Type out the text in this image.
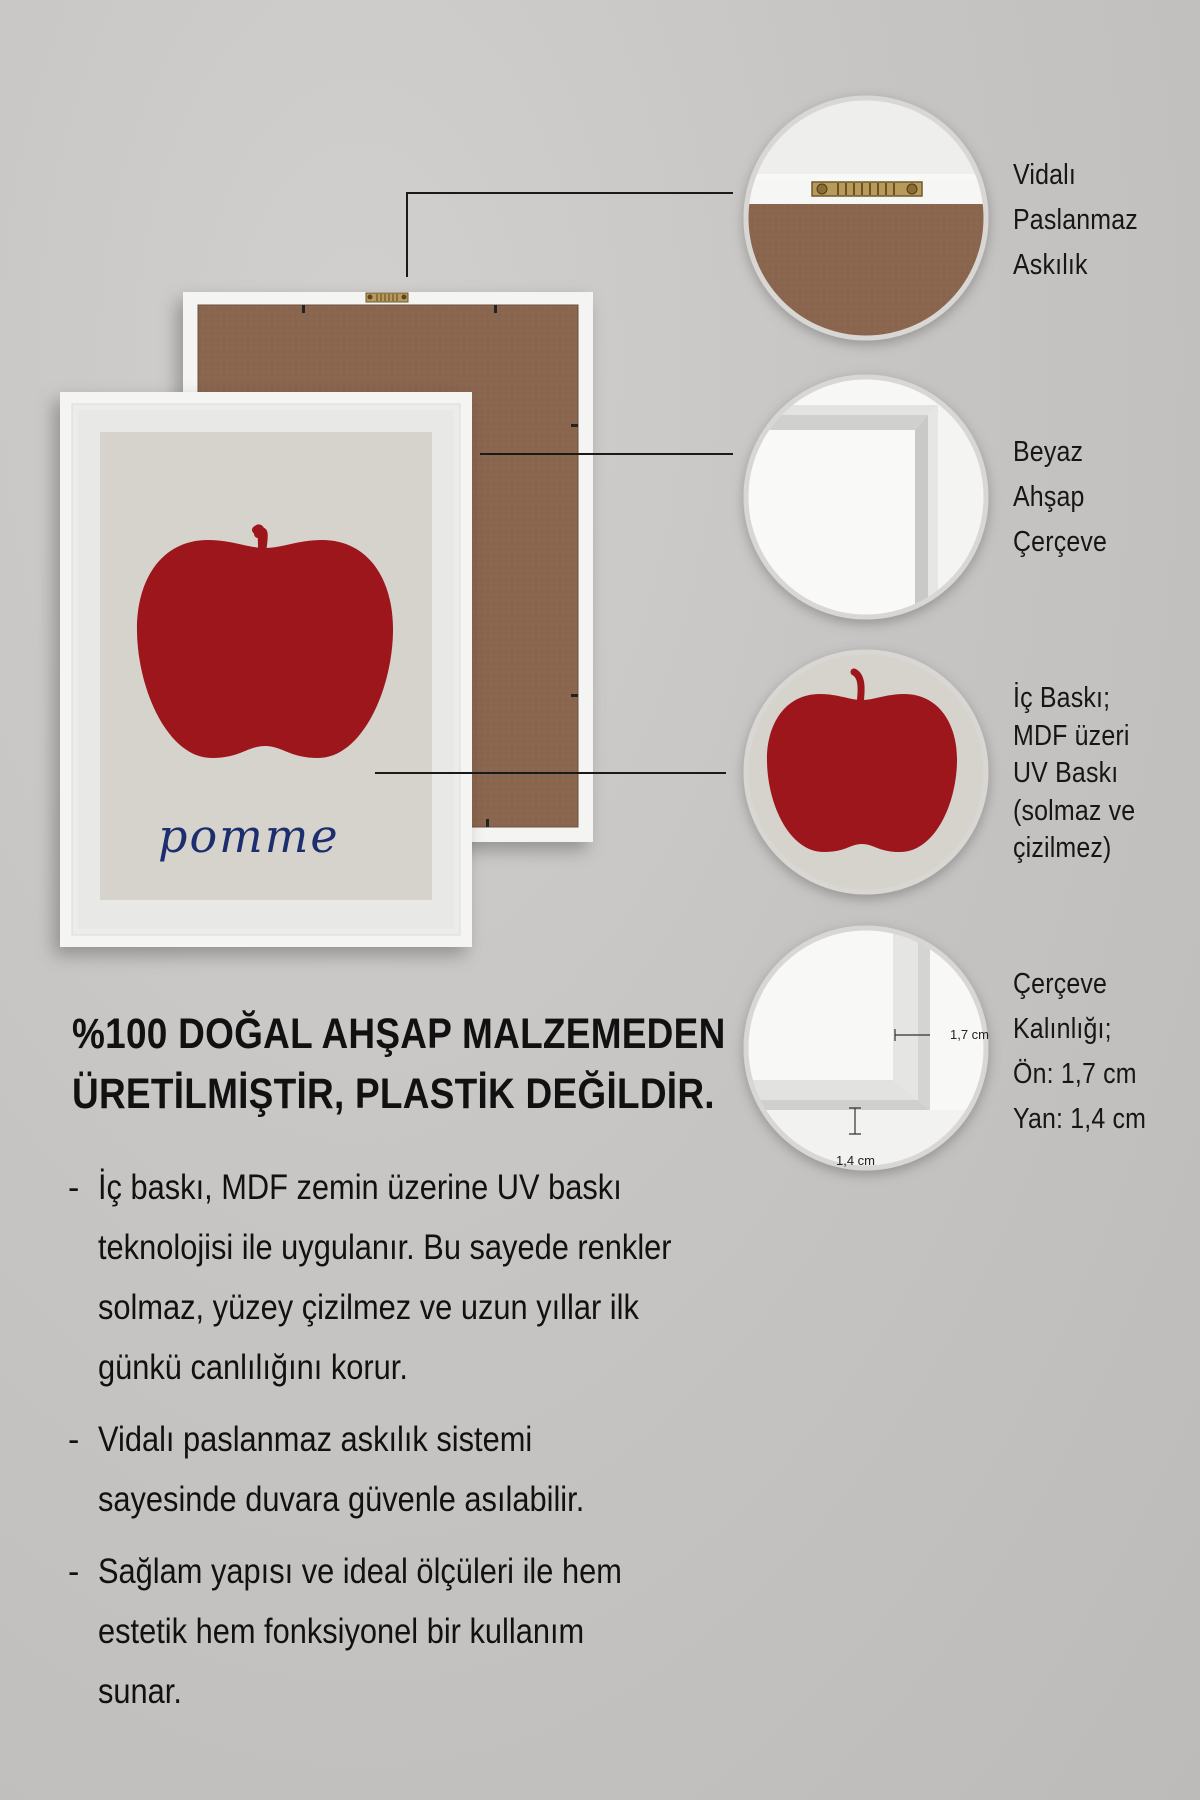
pomme
1,7 cm
1,4 cm
Vidalı
Paslanmaz
Askılık
Beyaz
Ahşap
Çerçeve
İç Baskı;
MDF üzeri
UV Baskı
(solmaz ve
çizilmez)
Çerçeve
Kalınlığı;
Ön: 1,7 cm
Yan: 1,4 cm
%100 DOĞAL AHŞAP MALZEMEDEN
ÜRETİLMİŞTİR, PLASTİK DEĞİLDİR.
- İç baskı, MDF zemin üzerine UV baskı
teknolojisi ile uygulanır. Bu sayede renkler
solmaz, yüzey çizilmez ve uzun yıllar ilk
günkü canlılığını korur.
- Vidalı paslanmaz askılık sistemi
sayesinde duvara güvenle asılabilir.
- Sağlam yapısı ve ideal ölçüleri ile hem
estetik hem fonksiyonel bir kullanım
sunar.
